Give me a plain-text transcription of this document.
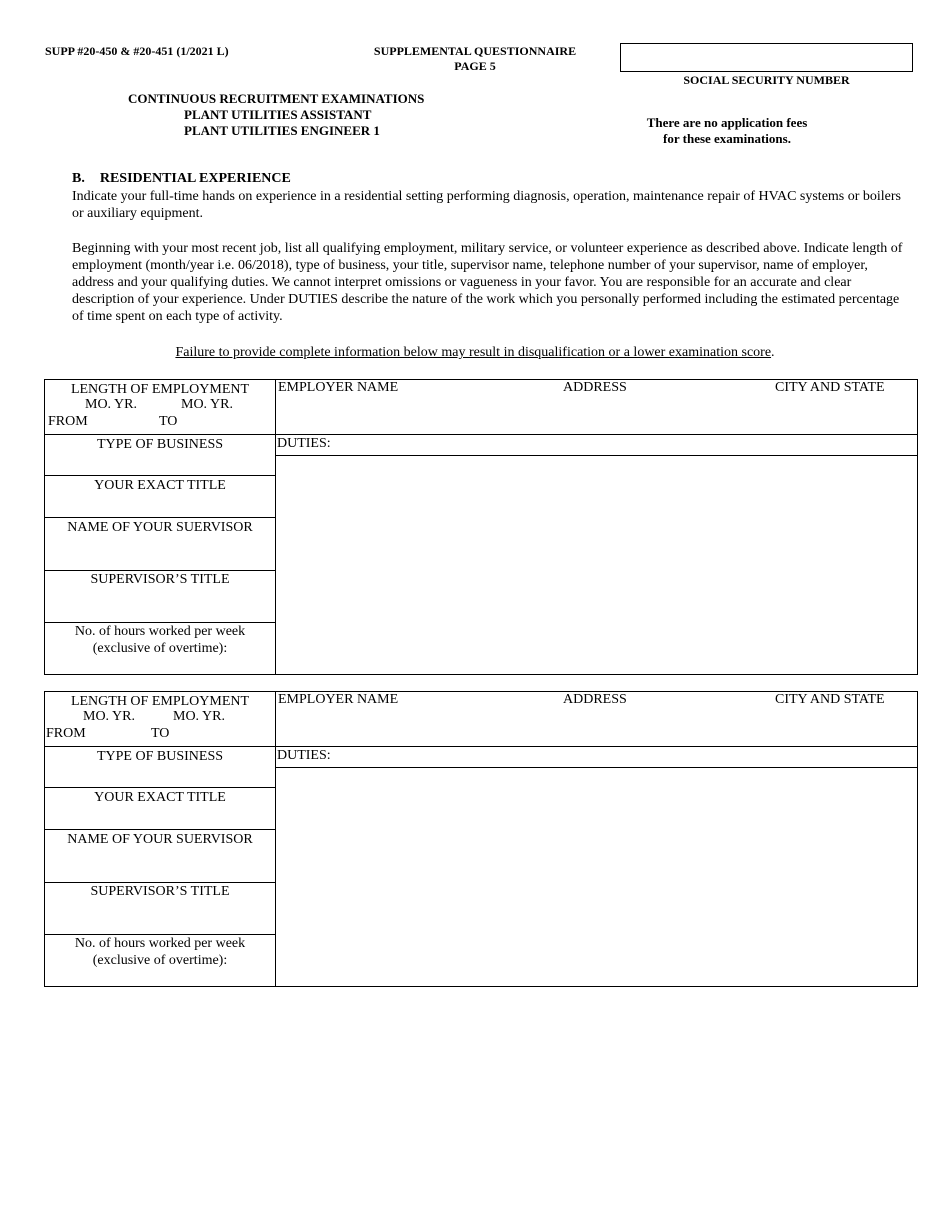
SUPP #20-450 & #20-451 (1/2021 L)	SUPPLEMENTAL QUESTIONNAIRE
PAGE 5
SOCIAL SECURITY NUMBER
CONTINUOUS RECRUITMENT EXAMINATIONS
PLANT UTILITIES ASSISTANT
PLANT UTILITIES ENGINEER 1
There are no application fees
for these examinations.
B. RESIDENTIAL EXPERIENCE
Indicate your full-time hands on experience in a residential setting performing diagnosis, operation, maintenance repair of HVAC systems or boilers or auxiliary equipment.
Beginning with your most recent job, list all qualifying employment, military service, or volunteer experience as described above. Indicate length of employment (month/year i.e. 06/2018), type of business, your title, supervisor name, telephone number of your supervisor, name of employer, address and your qualifying duties. We cannot interpret omissions or vagueness in your favor. You are responsible for an accurate and clear description of your experience. Under DUTIES describe the nature of the work which you personally performed including the estimated percentage of time spent on each type of activity.
Failure to provide complete information below may result in disqualification or a lower examination score.
LENGTH OF EMPLOYMENT
MO. YR.	MO. YR.
FROM	TO
EMPLOYER NAME	ADDRESS	CITY AND STATE
DUTIES:
TYPE OF BUSINESS
YOUR EXACT TITLE
NAME OF YOUR SUERVISOR
SUPERVISOR’S TITLE
No. of hours worked per week
(exclusive of overtime):
LENGTH OF EMPLOYMENT
MO. YR.	MO. YR.
FROM	TO
EMPLOYER NAME	ADDRESS	CITY AND STATE
DUTIES:
TYPE OF BUSINESS
YOUR EXACT TITLE
NAME OF YOUR SUERVISOR
SUPERVISOR’S TITLE
No. of hours worked per week
(exclusive of overtime):
